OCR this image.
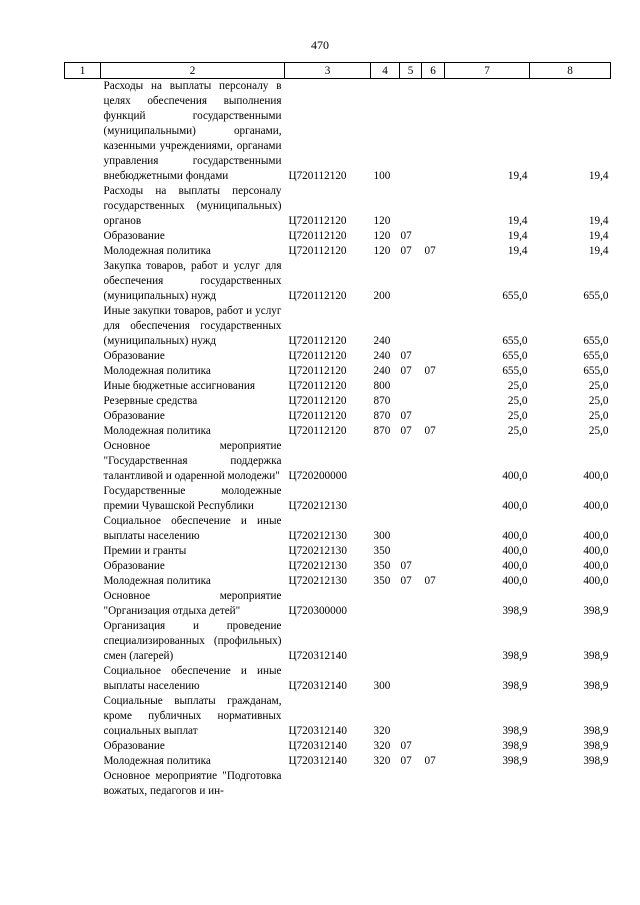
470
1	2	3	4	5	6	7	8
	Расходы на выплаты персоналу в целях обеспечения выполнения функций государственными (муниципальными) органами, казенными учреждениями, органами управления государственными внебюджетными фондами	Ц720112120	100			19,4	19,4
	Расходы на выплаты персоналу государственных (муниципальных) органов	Ц720112120	120			19,4	19,4
	Образование	Ц720112120	120	07		19,4	19,4
	Молодежная политика	Ц720112120	120	07	07	19,4	19,4
	Закупка товаров, работ и услуг для обеспечения государственных (муниципальных) нужд	Ц720112120	200			655,0	655,0
	Иные закупки товаров, работ и услуг для обеспечения государственных (муниципальных) нужд	Ц720112120	240			655,0	655,0
	Образование	Ц720112120	240	07		655,0	655,0
	Молодежная политика	Ц720112120	240	07	07	655,0	655,0
	Иные бюджетные ассигнования	Ц720112120	800			25,0	25,0
	Резервные средства	Ц720112120	870			25,0	25,0
	Образование	Ц720112120	870	07		25,0	25,0
	Молодежная политика	Ц720112120	870	07	07	25,0	25,0
	Основное мероприятие "Государственная поддержка талантливой и одаренной молодежи"	Ц720200000				400,0	400,0
	Государственные молодежные премии Чувашской Республики	Ц720212130				400,0	400,0
	Социальное обеспечение и иные выплаты населению	Ц720212130	300			400,0	400,0
	Премии и гранты	Ц720212130	350			400,0	400,0
	Образование	Ц720212130	350	07		400,0	400,0
	Молодежная политика	Ц720212130	350	07	07	400,0	400,0
	Основное мероприятие "Организация отдыха детей"	Ц720300000				398,9	398,9
	Организация и проведение специализированных (профильных) смен (лагерей)	Ц720312140				398,9	398,9
	Социальное обеспечение и иные выплаты населению	Ц720312140	300			398,9	398,9
	Социальные выплаты гражданам, кроме публичных нормативных социальных выплат	Ц720312140	320			398,9	398,9
	Образование	Ц720312140	320	07		398,9	398,9
	Молодежная политика	Ц720312140	320	07	07	398,9	398,9
	Основное мероприятие "Подготовка вожатых, педагогов и ин-						
